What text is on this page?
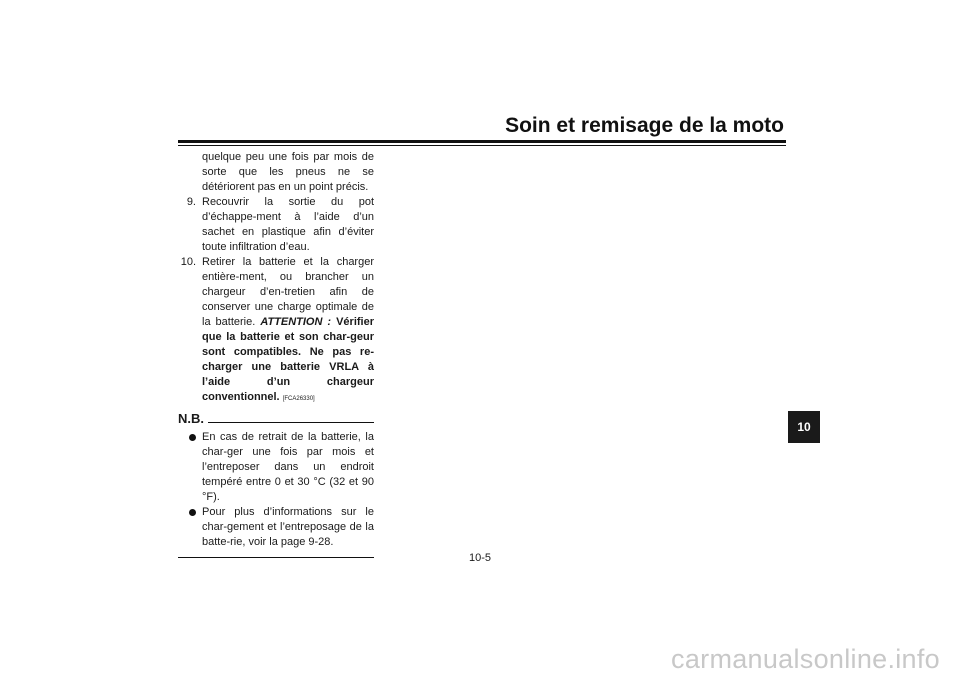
Soin et remisage de la moto
quelque peu une fois par mois de sorte que les pneus ne se détériorent pas en un point précis.
9. Recouvrir la sortie du pot d’échappe-ment à l’aide d’un sachet en plastique afin d’éviter toute infiltration d’eau.
10. Retirer la batterie et la charger entière-ment, ou brancher un chargeur d’en-tretien afin de conserver une charge optimale de la batterie. ATTENTION : Vérifier que la batterie et son char-geur sont compatibles. Ne pas re-charger une batterie VRLA à l’aide d’un chargeur conventionnel. [FCA26330]
N.B.
En cas de retrait de la batterie, la char-ger une fois par mois et l’entreposer dans un endroit tempéré entre 0 et 30 °C (32 et 90 °F).
Pour plus d’informations sur le char-gement et l’entreposage de la batte-rie, voir la page 9-28.
10
10-5
carmanualsonline.info
